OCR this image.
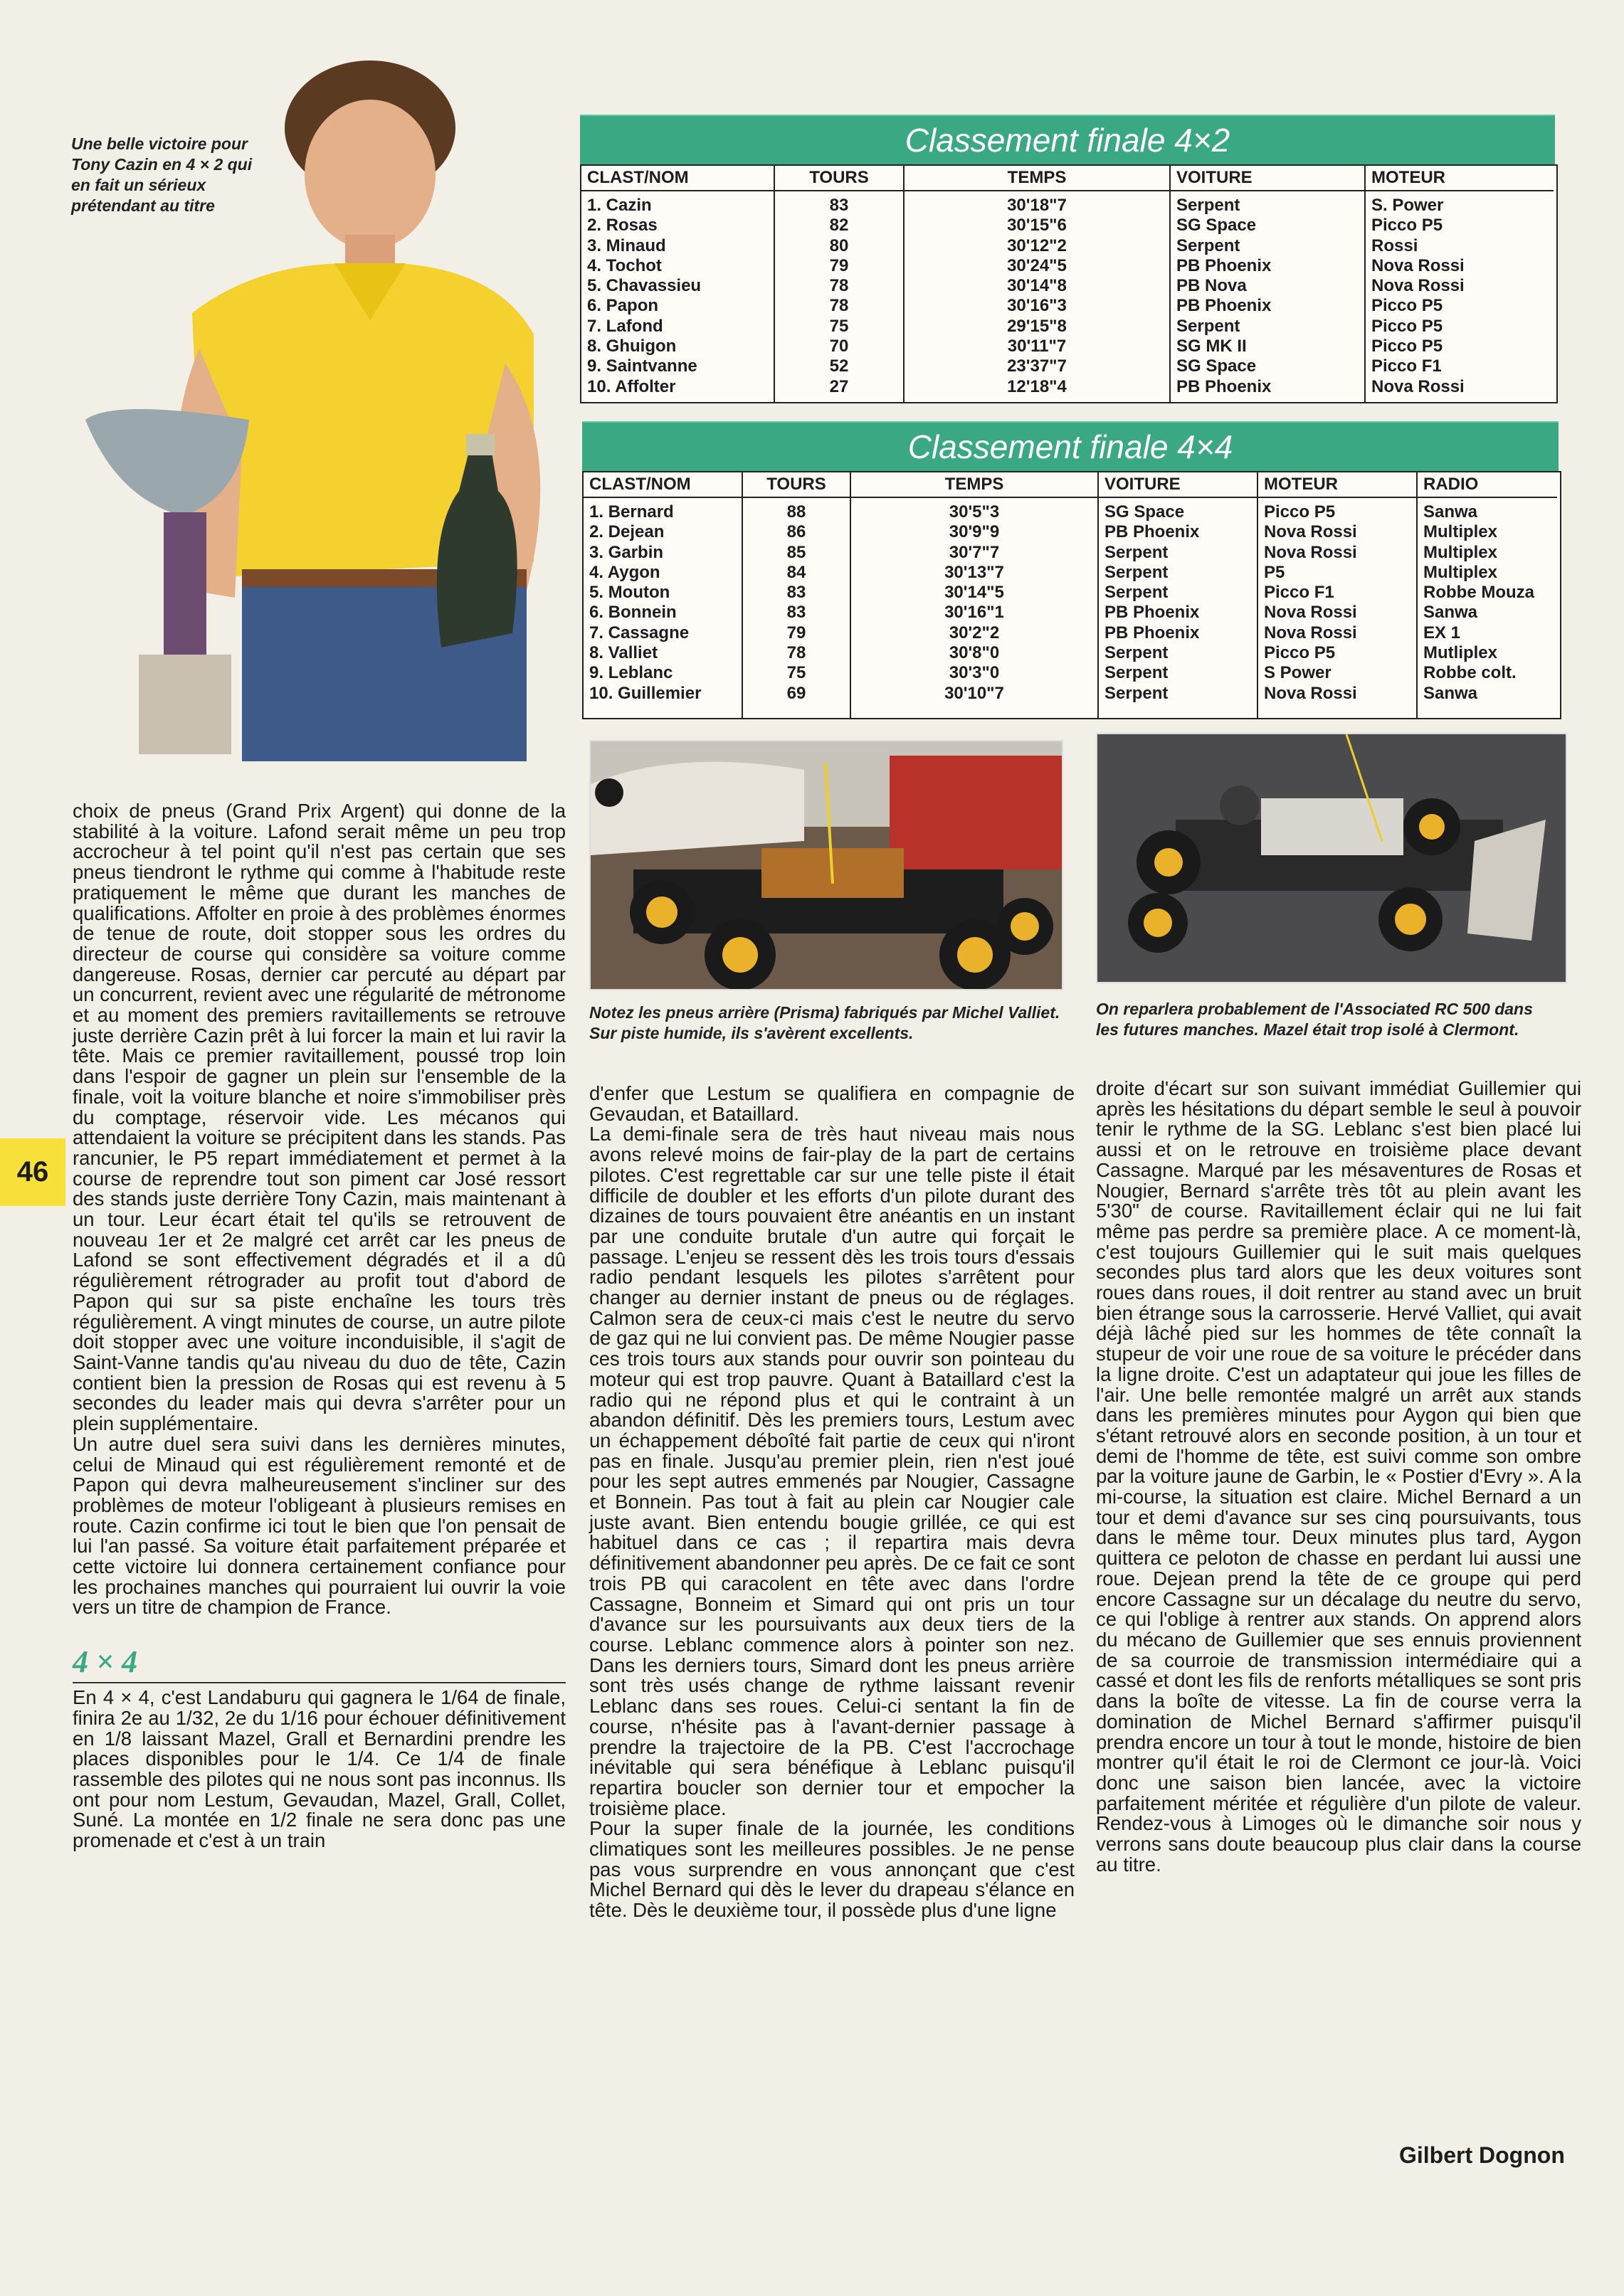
Une belle victoire pour Tony Cazin en 4 × 2 qui en fait un sérieux prétendant au titre
Classement finale 4×2
CLAST/NOM
1. Cazin
2. Rosas
3. Minaud
4. Tochot
5. Chavassieu
6. Papon
7. Lafond
8. Ghuigon
9. Saintvanne
10. Affolter
TOURS
83
82
80
79
78
78
75
70
52
27
TEMPS
30'18"7
30'15"6
30'12"2
30'24"5
30'14"8
30'16"3
29'15"8
30'11"7
23'37"7
12'18"4
VOITURE
Serpent
SG Space
Serpent
PB Phoenix
PB Nova
PB Phoenix
Serpent
SG MK II
SG Space
PB Phoenix
MOTEUR
S. Power
Picco P5
Rossi
Nova Rossi
Nova Rossi
Picco P5
Picco P5
Picco P5
Picco F1
Nova Rossi
Classement finale 4×4
CLAST/NOM
1. Bernard
2. Dejean
3. Garbin
4. Aygon
5. Mouton
6. Bonnein
7. Cassagne
8. Valliet
9. Leblanc
10. Guillemier
TOURS
88
86
85
84
83
83
79
78
75
69
TEMPS
30'5"3
30'9"9
30'7"7
30'13"7
30'14"5
30'16"1
30'2"2
30'8"0
30'3"0
30'10"7
VOITURE
SG Space
PB Phoenix
Serpent
Serpent
Serpent
PB Phoenix
PB Phoenix
Serpent
Serpent
Serpent
MOTEUR
Picco P5
Nova Rossi
Nova Rossi
P5
Picco F1
Nova Rossi
Nova Rossi
Picco P5
S Power
Nova Rossi
RADIO
Sanwa
Multiplex
Multiplex
Multiplex
Robbe Mouza
Sanwa
EX 1
Mutliplex
Robbe colt.
Sanwa
Notez les pneus arrière (Prisma) fabriqués par Michel Valliet. Sur piste humide, ils s'avèrent excellents.
On reparlera probablement de l'Associated RC 500 dans les futures manches. Mazel était trop isolé à Clermont.
46

choix de pneus (Grand Prix Argent) qui donne de la stabilité à la voiture. Lafond serait même un peu trop accrocheur à tel point qu'il n'est pas certain que ses pneus tiendront le rythme qui comme à l'habitude reste pratiquement le même que durant les manches de qualifications. Affolter en proie à des problèmes énormes de tenue de route, doit stopper sous les ordres du directeur de course qui considère sa voiture comme dangereuse. Rosas, dernier car percuté au départ par un concurrent, revient avec une régularité de métronome et au moment des premiers ravitaillements se retrouve juste derrière Cazin prêt à lui forcer la main et lui ravir la tête. Mais ce premier ravitaillement, poussé trop loin dans l'espoir de gagner un plein sur l'ensemble de la finale, voit la voiture blanche et noire s'immobiliser près du comptage, réservoir vide. Les mécanos qui attendaient la voiture se précipitent dans les stands. Pas rancunier, le P5 repart immédiatement et permet à la course de reprendre tout son piment car José ressort des stands juste derrière Tony Cazin, mais maintenant à un tour. Leur écart était tel qu'ils se retrouvent de nouveau 1er et 2e malgré cet arrêt car les pneus de Lafond se sont effectivement dégradés et il a dû régulièrement rétrograder au profit tout d'abord de Papon qui sur sa piste enchaîne les tours très régulièrement. A vingt minutes de course, un autre pilote doit stopper avec une voiture inconduisible, il s'agit de Saint-Vanne tandis qu'au niveau du duo de tête, Cazin contient bien la pression de Rosas qui est revenu à 5 secondes du leader mais qui devra s'arrêter pour un plein supplémentaire.

Un autre duel sera suivi dans les dernières minutes, celui de Minaud qui est régulièrement remonté et de Papon qui devra malheureusement s'incliner sur des problèmes de moteur l'obligeant à plusieurs remises en route. Cazin confirme ici tout le bien que l'on pensait de lui l'an passé. Sa voiture était parfaitement préparée et cette victoire lui donnera certainement confiance pour les prochaines manches qui pourraient lui ouvrir la voie vers un titre de champion de France.

4 × 4

En 4 × 4, c'est Landaburu qui gagnera le 1/64 de finale, finira 2e au 1/32, 2e du 1/16 pour échouer définitivement en 1/8 laissant Mazel, Grall et Bernardini prendre les places disponibles pour le 1/4. Ce 1/4 de finale rassemble des pilotes qui ne nous sont pas inconnus. Ils ont pour nom Lestum, Gevaudan, Mazel, Grall, Collet, Suné. La montée en 1/2 finale ne sera donc pas une promenade et c'est à un train

d'enfer que Lestum se qualifiera en compagnie de Gevaudan, et Bataillard.

La demi-finale sera de très haut niveau mais nous avons relevé moins de fair-play de la part de certains pilotes. C'est regrettable car sur une telle piste il était difficile de doubler et les efforts d'un pilote durant des dizaines de tours pouvaient être anéantis en un instant par une conduite brutale d'un autre qui forçait le passage. L'enjeu se ressent dès les trois tours d'essais radio pendant lesquels les pilotes s'arrêtent pour changer au dernier instant de pneus ou de réglages. Calmon sera de ceux-ci mais c'est le neutre du servo de gaz qui ne lui convient pas. De même Nougier passe ces trois tours aux stands pour ouvrir son pointeau du moteur qui est trop pauvre. Quant à Bataillard c'est la radio qui ne répond plus et qui le contraint à un abandon définitif. Dès les premiers tours, Lestum avec un échappement déboîté fait partie de ceux qui n'iront pas en finale. Jusqu'au premier plein, rien n'est joué pour les sept autres emmenés par Nougier, Cassagne et Bonnein. Pas tout à fait au plein car Nougier cale juste avant. Bien entendu bougie grillée, ce qui est habituel dans ce cas ; il repartira mais devra définitivement abandonner peu après. De ce fait ce sont trois PB qui caracolent en tête avec dans l'ordre Cassagne, Bonneim et Simard qui ont pris un tour d'avance sur les poursuivants aux deux tiers de la course. Leblanc commence alors à pointer son nez. Dans les derniers tours, Simard dont les pneus arrière sont très usés change de rythme laissant revenir Leblanc dans ses roues. Celui-ci sentant la fin de course, n'hésite pas à l'avant-dernier passage à prendre la trajectoire de la PB. C'est l'accrochage inévitable qui sera bénéfique à Leblanc puisqu'il repartira boucler son dernier tour et empocher la troisième place.

Pour la super finale de la journée, les conditions climatiques sont les meilleures possibles. Je ne pense pas vous surprendre en vous annonçant que c'est Michel Bernard qui dès le lever du drapeau s'élance en tête. Dès le deuxième tour, il possède plus d'une ligne

droite d'écart sur son suivant immédiat Guillemier qui après les hésitations du départ semble le seul à pouvoir tenir le rythme de la SG. Leblanc s'est bien placé lui aussi et on le retrouve en troisième place devant Cassagne. Marqué par les mésaventures de Rosas et Nougier, Bernard s'arrête très tôt au plein avant les 5'30" de course. Ravitaillement éclair qui ne lui fait même pas perdre sa première place. A ce moment-là, c'est toujours Guillemier qui le suit mais quelques secondes plus tard alors que les deux voitures sont roues dans roues, il doit rentrer au stand avec un bruit bien étrange sous la carrosserie. Hervé Valliet, qui avait déjà lâché pied sur les hommes de tête connaît la stupeur de voir une roue de sa voiture le précéder dans la ligne droite. C'est un adaptateur qui joue les filles de l'air. Une belle remontée malgré un arrêt aux stands dans les premières minutes pour Aygon qui bien que s'étant retrouvé alors en seconde position, à un tour et demi de l'homme de tête, est suivi comme son ombre par la voiture jaune de Garbin, le « Postier d'Evry ». A la mi-course, la situation est claire. Michel Bernard a un tour et demi d'avance sur ses cinq poursuivants, tous dans le même tour. Deux minutes plus tard, Aygon quittera ce peloton de chasse en perdant lui aussi une roue. Dejean prend la tête de ce groupe qui perd encore Cassagne sur un décalage du neutre du servo, ce qui l'oblige à rentrer aux stands. On apprend alors du mécano de Guillemier que ses ennuis proviennent de sa courroie de transmission intermédiaire qui a cassé et dont les fils de renforts métalliques se sont pris dans la boîte de vitesse. La fin de course verra la domination de Michel Bernard s'affirmer puisqu'il prendra encore un tour à tout le monde, histoire de bien montrer qu'il était le roi de Clermont ce jour-là. Voici donc une saison bien lancée, avec la victoire parfaitement méritée et régulière d'un pilote de valeur. Rendez-vous à Limoges où le dimanche soir nous y verrons sans doute beaucoup plus clair dans la course au titre.

Gilbert Dognon
